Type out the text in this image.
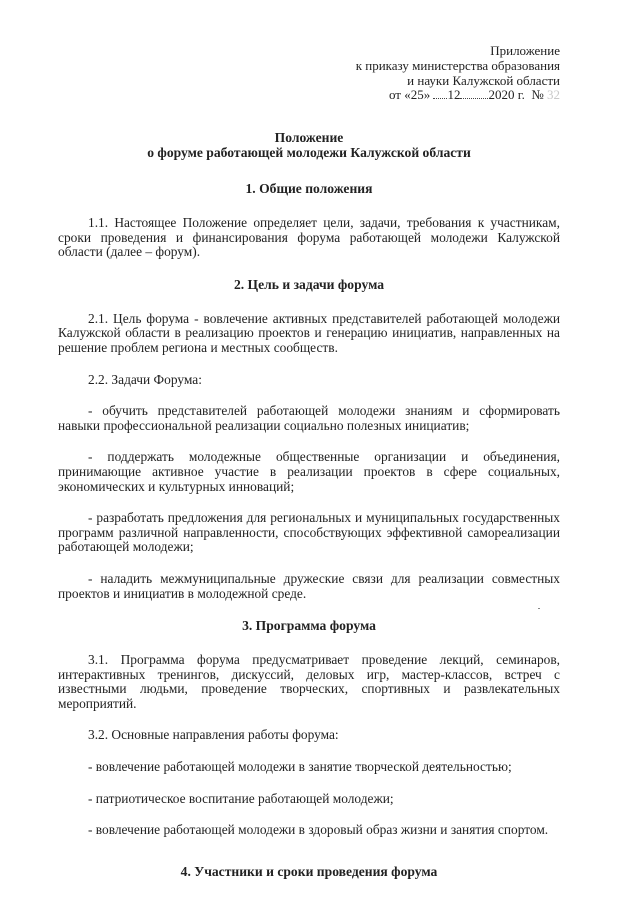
Приложение
к приказу министерства образования
и науки Калужской области
от «25» 12 2020 г. № 32
Положение
о форуме работающей молодежи Калужской области
1. Общие положения

1.1. Настоящее Положение определяет цели, задачи, требования к участникам, сроки проведения и финансирования форума работающей молодежи Калужской области (далее – форум).

2. Цель и задачи форума

2.1. Цель форума - вовлечение активных представителей работающей молодежи Калужской области в реализацию проектов и генерацию инициатив, направленных на решение проблем региона и местных сообществ.

2.2. Задачи Форума:

- обучить представителей работающей молодежи знаниям и сформировать навыки профессиональной реализации социально полезных инициатив;

- поддержать молодежные общественные организации и объединения, принимающие активное участие в реализации проектов в сфере социальных, экономических и культурных инноваций;

- разработать предложения для региональных и муниципальных государственных программ различной направленности, способствующих эффективной самореализации работающей молодежи;

- наладить межмуниципальные дружеские связи для реализации совместных проектов и инициатив в молодежной среде.

3. Программа форума

3.1. Программа форума предусматривает проведение лекций, семинаров, интерактивных тренингов, дискуссий, деловых игр, мастер-классов, встреч с известными людьми, проведение творческих, спортивных и развлекательных мероприятий.

3.2. Основные направления работы форума:

- вовлечение работающей молодежи в занятие творческой деятельностью;

- патриотическое воспитание работающей молодежи;

- вовлечение работающей молодежи в здоровый образ жизни и занятия спортом.

4. Участники и сроки проведения форума
